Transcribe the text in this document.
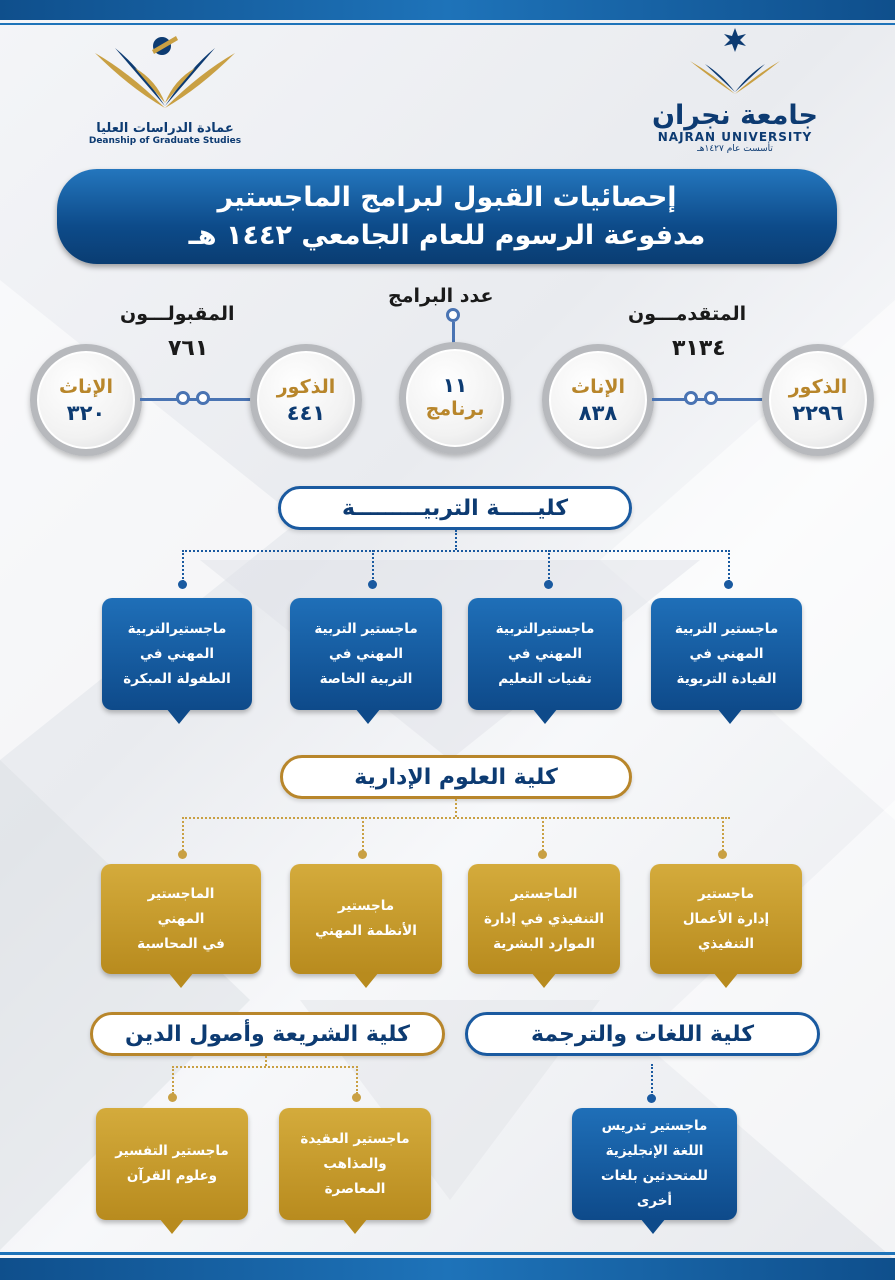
عمادة الدراسات العليا
Deanship of Graduate Studies
جامعة نجران
NAJRAN UNIVERSITY
تأسست عام ١٤٢٧هـ
إحصائيات القبول لبرامج الماجستير
مدفوعة الرسوم للعام الجامعي ١٤٤٢ هـ
عدد البرامج
١١
برنامج
المتقدمـــون
٣١٣٤
الإناث
٨٣٨
الذكور
٢٢٩٦
المقبولـــون
٧٦١
الإناث
٣٢٠
الذكور
٤٤١
كليـــــة التربيـــــــــة
ماجستير التربية
المهني في
القيادة التربوية
ماجستيرالتربية
المهني في
تقنيات التعليم
ماجستير التربية
المهني في
التربية الخاصة
ماجستيرالتربية
المهني في
الطفولة المبكرة
كلية العلوم الإدارية
ماجستير
إدارة الأعمال
التنفيذي
الماجستير
التنفيذي في إدارة
الموارد البشرية
ماجستير
الأنظمة المهني
الماجستير
المهني
في المحاسبة
كلية اللغات والترجمة
ماجستير تدريس
اللغة الإنجليزية
للمتحدثين بلغات
أخرى
كلية الشريعة وأصول الدين
ماجستير العقيدة
والمذاهب
المعاصرة
ماجستير التفسير
وعلوم القرآن
